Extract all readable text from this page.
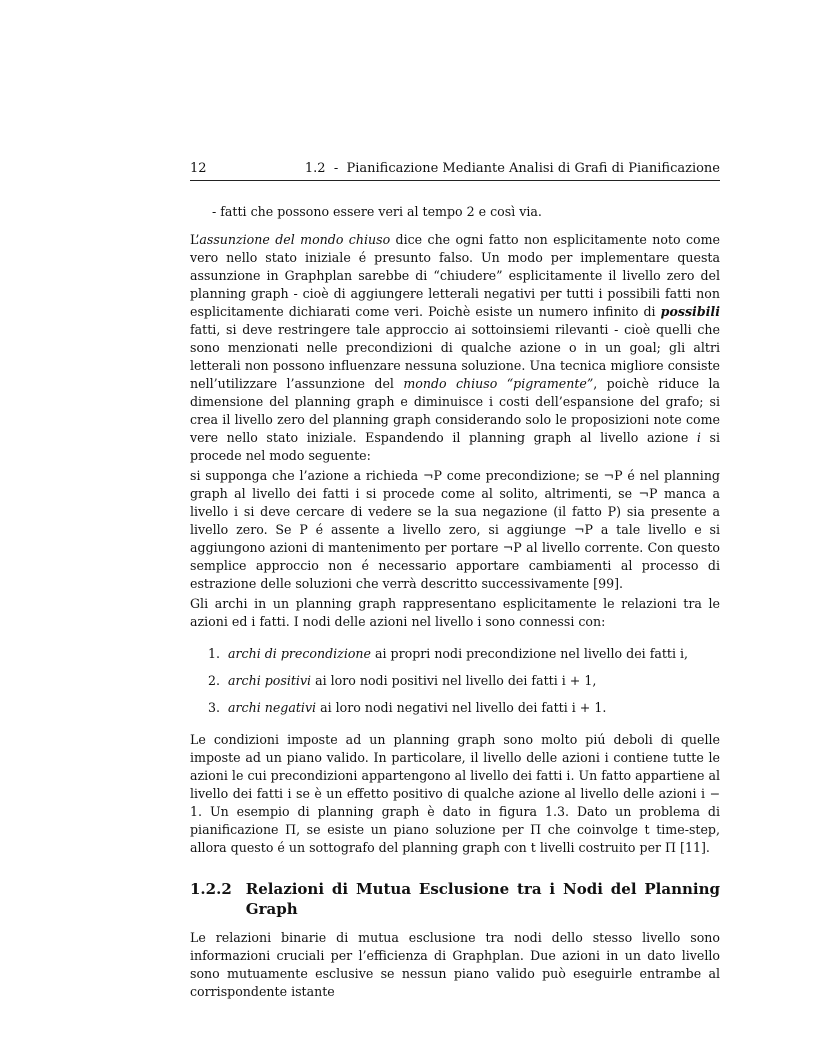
12	1.2  -  Pianificazione Mediante Analisi di Grafi di Pianificazione
- fatti che possono essere veri al tempo 2 e così via.

L’assunzione del mondo chiuso dice che ogni fatto non esplicitamente noto come vero nello stato iniziale é presunto falso. Un modo per implementare questa assunzione in Graphplan sarebbe di “chiudere” esplicitamente il livello zero del planning graph - cioè di aggiungere letterali negativi per tutti i possibili fatti non esplicitamente dichiarati come veri. Poichè esiste un numero infinito di possibili fatti, si deve restringere tale approccio ai sottoinsiemi rilevanti - cioè quelli che sono menzionati nelle precondizioni di qualche azione o in un goal; gli altri letterali non possono influenzare nessuna soluzione. Una tecnica migliore consiste nell’utilizzare l’assunzione del mondo chiuso “pigramente”, poichè riduce la dimensione del planning graph e diminuisce i costi dell’espansione del grafo; si crea il livello zero del planning graph considerando solo le proposizioni note come vere nello stato iniziale. Espandendo il planning graph al livello azione i si procede nel modo seguente:

si supponga che l’azione a richieda ¬P come precondizione; se ¬P é nel planning graph al livello dei fatti i si procede come al solito, altrimenti, se ¬P manca a livello i si deve cercare di vedere se la sua negazione (il fatto P) sia presente a livello zero. Se P é assente a livello zero, si aggiunge ¬P a tale livello e si aggiungono azioni di mantenimento per portare ¬P al livello corrente. Con questo semplice approccio non é necessario apportare cambiamenti al processo di estrazione delle soluzioni che verrà descritto successivamente [99].

Gli archi in un planning graph rappresentano esplicitamente le relazioni tra le azioni ed i fatti. I nodi delle azioni nel livello i sono connessi con:

1. archi di precondizione ai propri nodi precondizione nel livello dei fatti i,
2. archi positivi ai loro nodi positivi nel livello dei fatti i + 1,
3. archi negativi ai loro nodi negativi nel livello dei fatti i + 1.

Le condizioni imposte ad un planning graph sono molto piú deboli di quelle imposte ad un piano valido. In particolare, il livello delle azioni i contiene tutte le azioni le cui precondizioni appartengono al livello dei fatti i. Un fatto appartiene al livello dei fatti i se è un effetto positivo di qualche azione al livello delle azioni i − 1. Un esempio di planning graph è dato in figura 1.3. Dato un problema di pianificazione Π, se esiste un piano soluzione per Π che coinvolge t time-step, allora questo é un sottografo del planning graph con t livelli costruito per Π [11].

1.2.2 Relazioni di Mutua Esclusione tra i Nodi del Planning Graph

Le relazioni binarie di mutua esclusione tra nodi dello stesso livello sono informazioni cruciali per l’efficienza di Graphplan. Due azioni in un dato livello sono mutuamente esclusive se nessun piano valido può eseguirle entrambe al corrispondente istante
